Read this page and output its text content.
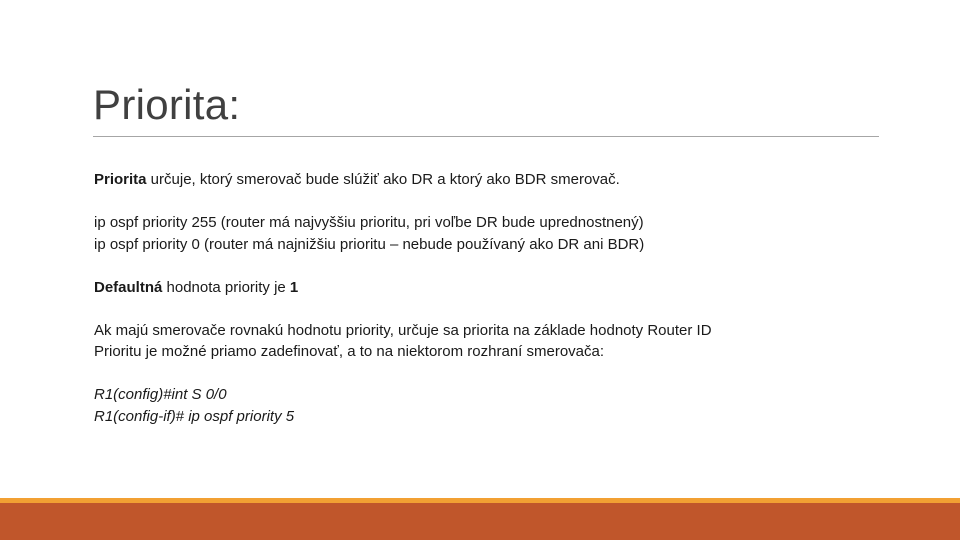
Priorita:
Priorita určuje, ktorý smerovač bude slúžiť ako DR a ktorý ako BDR smerovač.
ip ospf priority 255 (router má najvyššiu prioritu, pri voľbe DR bude uprednostnený)
ip ospf priority 0 (router má najnižšiu prioritu – nebude používaný ako DR ani BDR)
Defaultná hodnota priority je 1
Ak majú smerovače rovnakú hodnotu priority, určuje sa priorita na základe hodnoty Router ID
Prioritu je možné priamo zadefinovať, a to na niektorom rozhraní smerovača:
R1(config)#int S 0/0
R1(config-if)# ip ospf priority 5
